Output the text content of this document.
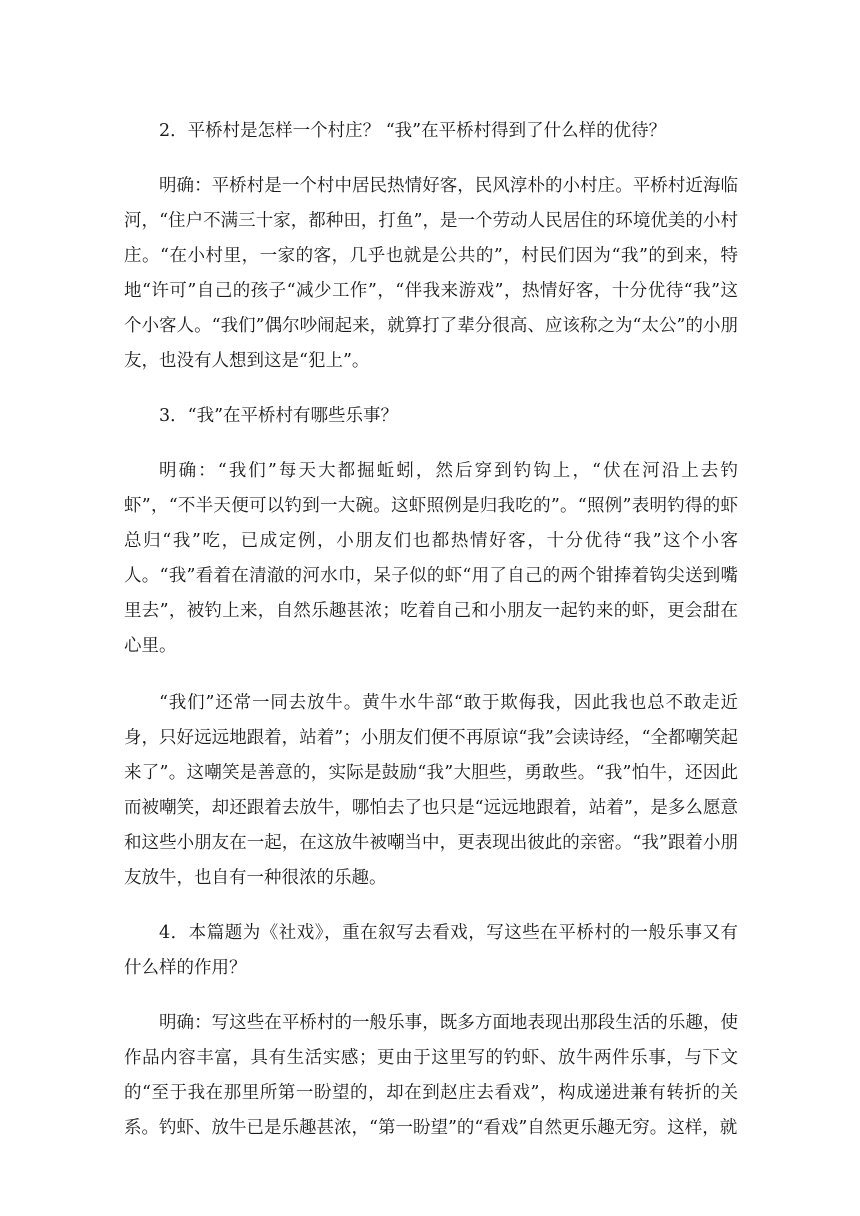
2．平桥村是怎样一个村庄？ “我”在平桥村得到了什么样的优待？

明确：平桥村是一个村中居民热情好客，民风淳朴的小村庄。平桥村近海临河，“住户不满三十家，都种田，打鱼”，是一个劳动人民居住的环境优美的小村庄。“在小村里，一家的客，几乎也就是公共的”，村民们因为“我”的到来，特地“许可”自己的孩子“减少工作”，“伴我来游戏”，热情好客，十分优待“我”这个小客人。“我们”偶尔吵闹起来，就算打了辈分很高、应该称之为“太公”的小朋友，也没有人想到这是“犯上”。

3．“我”在平桥村有哪些乐事？

明确：“我们”每天大都掘蚯蚓，然后穿到钓钩上，“伏在河沿上去钓虾”，“不半天便可以钓到一大碗。这虾照例是归我吃的”。“照例”表明钓得的虾总归“我”吃，已成定例，小朋友们也都热情好客，十分优待“我”这个小客人。“我”看着在清澈的河水巾，呆子似的虾“用了自己的两个钳捧着钩尖送到嘴里去”，被钓上来，自然乐趣甚浓；吃着自己和小朋友一起钓来的虾，更会甜在心里。

“我们”还常一同去放牛。黄牛水牛部“敢于欺侮我，因此我也总不敢走近身，只好远远地跟着，站着”；小朋友们便不再原谅“我”会读诗经，“全都嘲笑起来了”。这嘲笑是善意的，实际是鼓励“我”大胆些，勇敢些。“我”怕牛，还因此而被嘲笑，却还跟着去放牛，哪怕去了也只是“远远地跟着，站着”，是多么愿意和这些小朋友在一起，在这放牛被嘲当中，更表现出彼此的亲密。“我”跟着小朋友放牛，也自有一种很浓的乐趣。

4．本篇题为《社戏》，重在叙写去看戏，写这些在平桥村的一般乐事又有什么样的作用？

明确：写这些在平桥村的一般乐事，既多方面地表现出那段生活的乐趣，使作品内容丰富，具有生活实感；更由于这里写的钓虾、放牛两件乐事，与下文的“至于我在那里所第一盼望的，却在到赵庄去看戏”，构成递进兼有转折的关系。钓虾、放牛已是乐趣甚浓，“第一盼望”的“看戏”自然更乐趣无穷。这样，就
